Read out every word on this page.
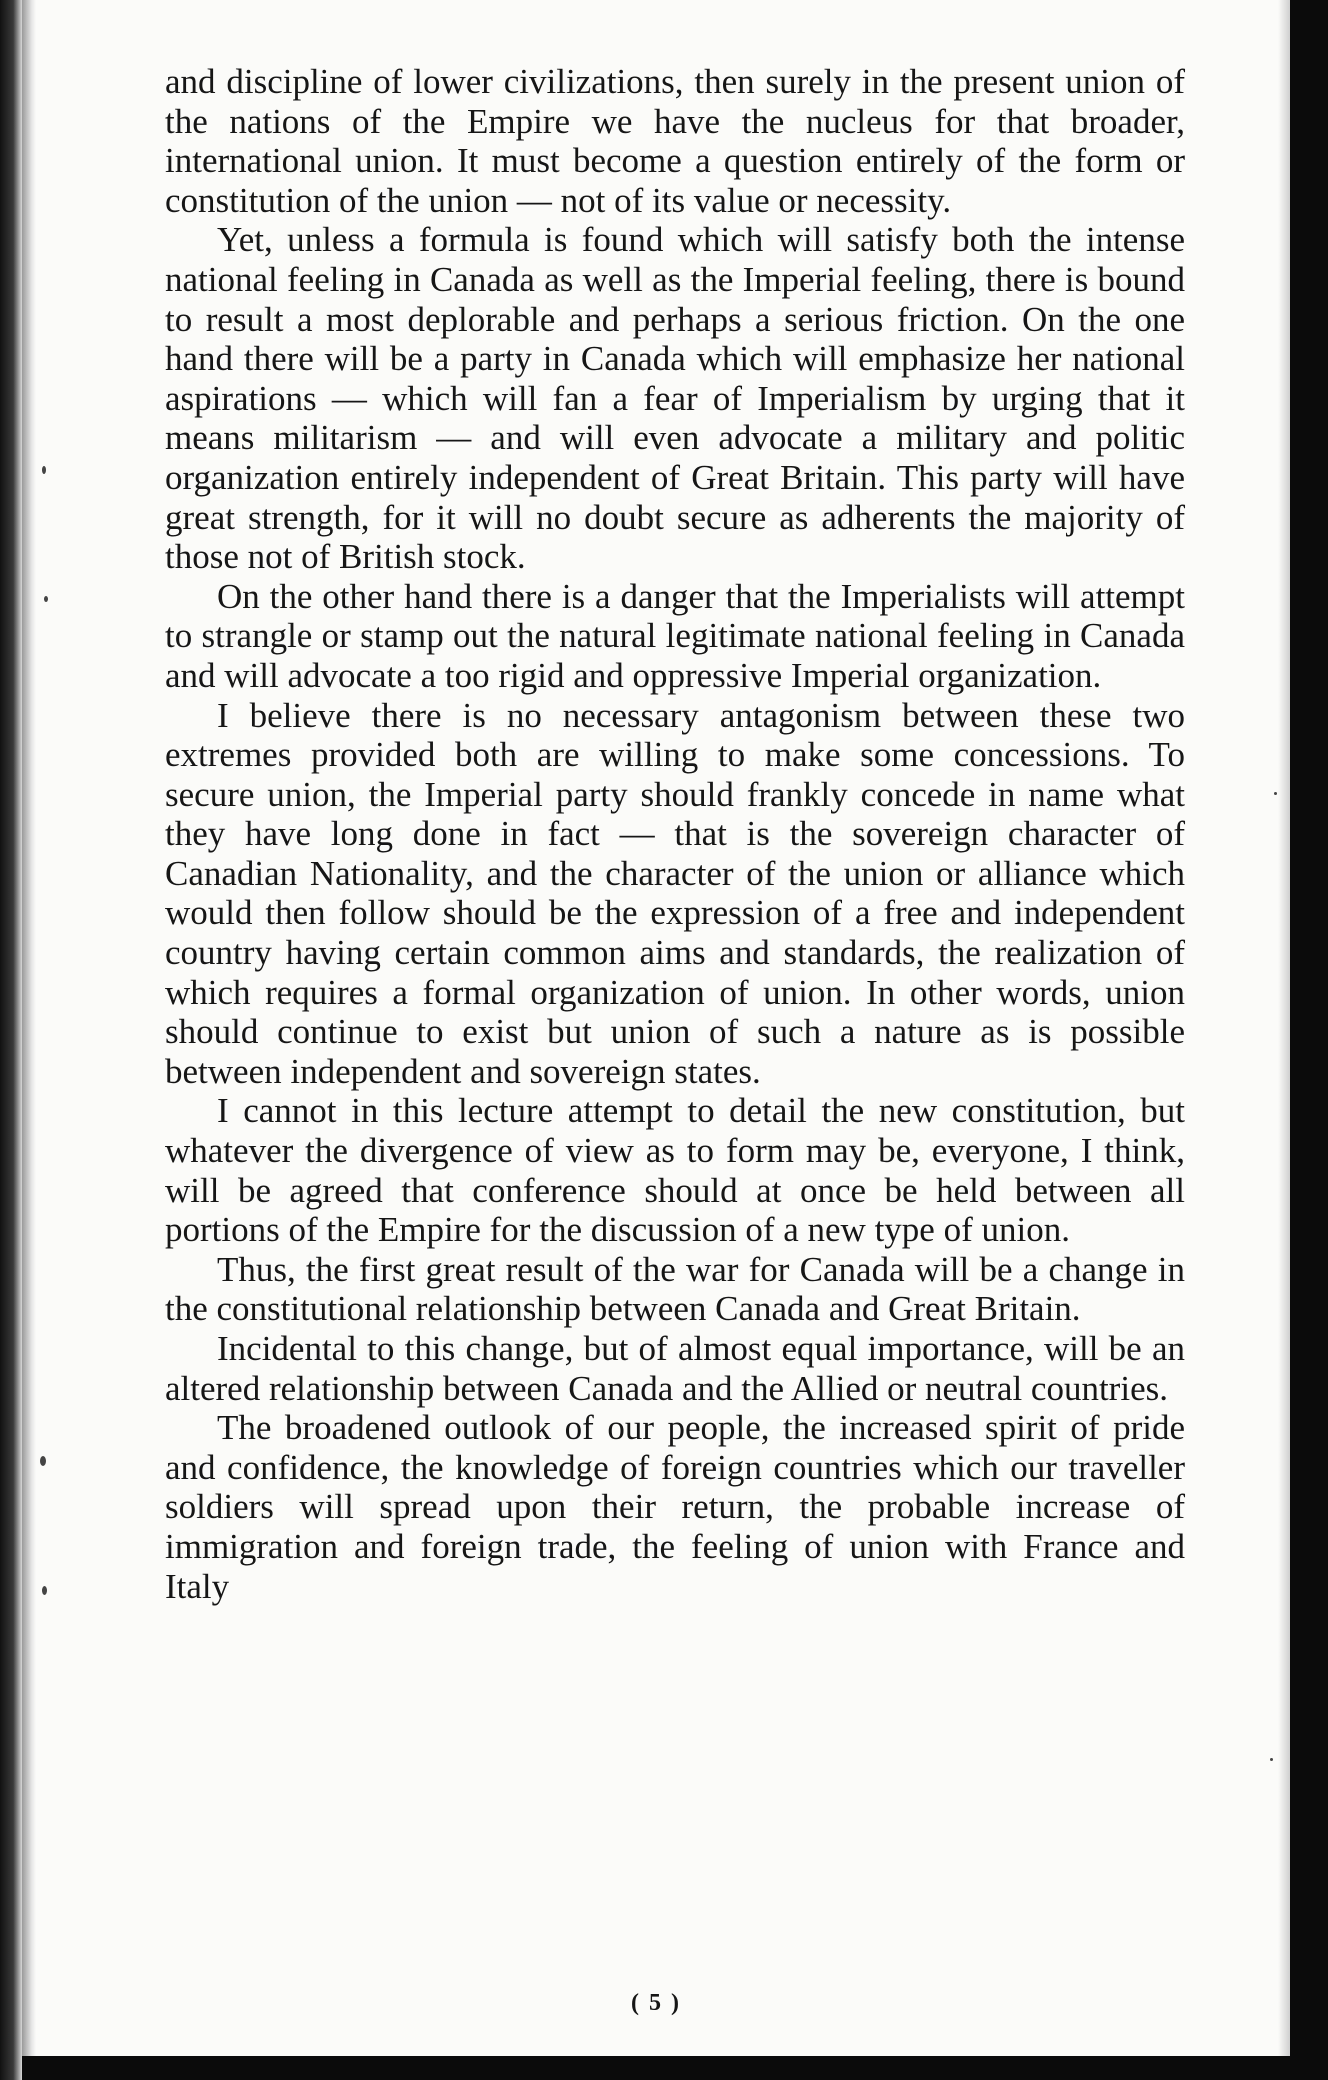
and discipline of lower civilizations, then surely in the present union of the nations of the Empire we have the nucleus for that broader, international union. It must become a question entirely of the form or constitution of the union — not of its value or necessity.

Yet, unless a formula is found which will satisfy both the intense national feeling in Canada as well as the Imperial feeling, there is bound to result a most deplorable and perhaps a serious friction. On the one hand there will be a party in Canada which will emphasize her national aspirations — which will fan a fear of Imperialism by urging that it means militarism — and will even advocate a military and politic organization entirely independent of Great Britain. This party will have great strength, for it will no doubt secure as adherents the majority of those not of British stock.

On the other hand there is a danger that the Imperialists will attempt to strangle or stamp out the natural legitimate national feeling in Canada and will advocate a too rigid and oppressive Imperial organization.

I believe there is no necessary antagonism between these two extremes provided both are willing to make some concessions. To secure union, the Imperial party should frankly concede in name what they have long done in fact — that is the sovereign character of Canadian Nationality, and the character of the union or alliance which would then follow should be the expression of a free and independent country having certain common aims and standards, the realization of which requires a formal organization of union. In other words, union should continue to exist but union of such a nature as is possible between independent and sovereign states.

I cannot in this lecture attempt to detail the new constitution, but whatever the divergence of view as to form may be, everyone, I think, will be agreed that conference should at once be held between all portions of the Empire for the discussion of a new type of union.

Thus, the first great result of the war for Canada will be a change in the constitutional relationship between Canada and Great Britain.

Incidental to this change, but of almost equal importance, will be an altered relationship between Canada and the Allied or neutral countries.

The broadened outlook of our people, the increased spirit of pride and confidence, the knowledge of foreign countries which our traveller soldiers will spread upon their return, the probable increase of immigration and foreign trade, the feeling of union with France and Italy

( 5 )
